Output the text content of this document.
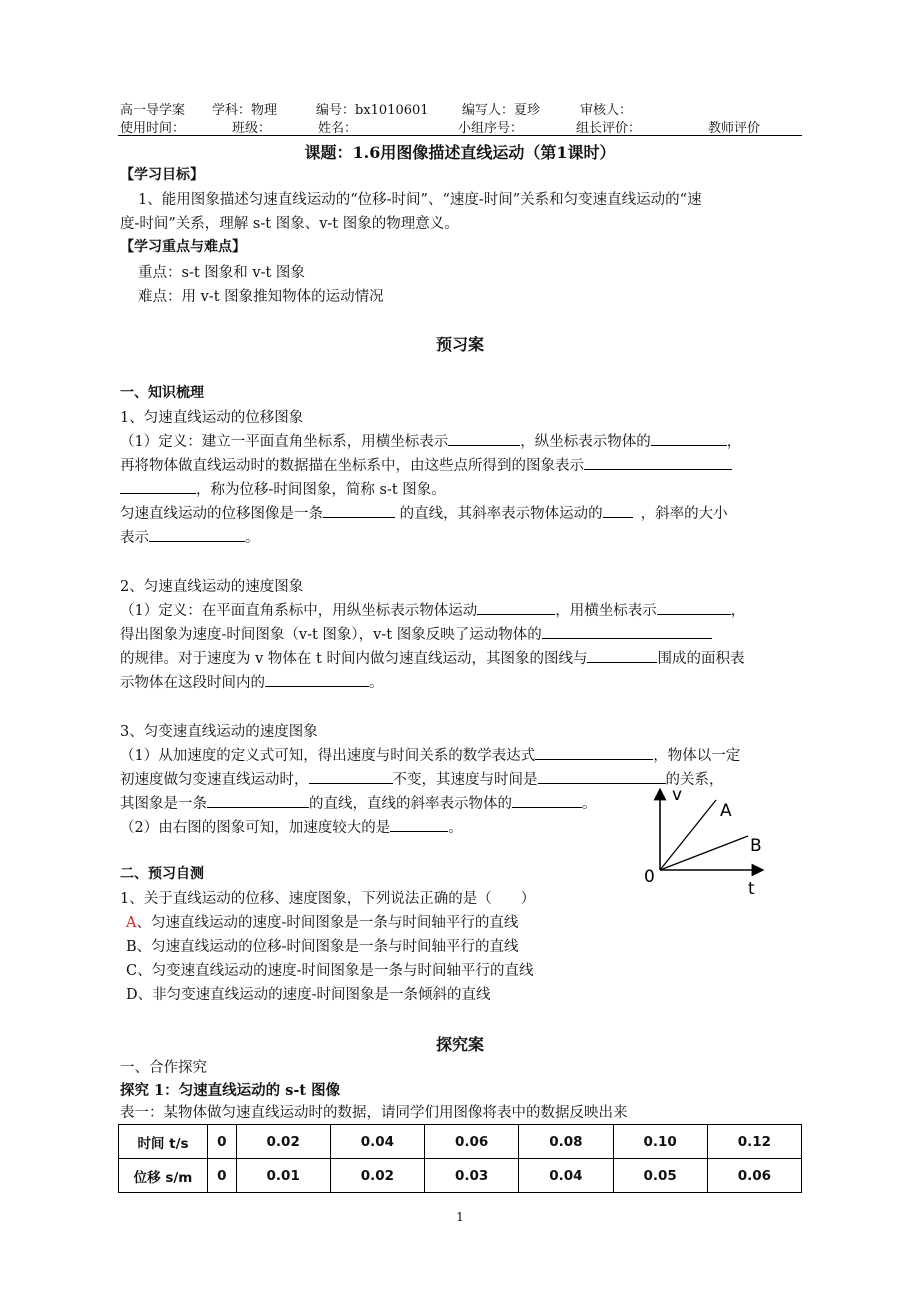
高一导学案 学科：物理	编号：bx1010601	编写人：夏珍	审核人：
使用时间：	班级：	姓名：	小组序号：	组长评价：	教师评价
课题：1.6用图像描述直线运动（第1课时）
【学习目标】
1、能用图象描述匀速直线运动的“位移-时间”、“速度-时间”关系和匀变速直线运动的“速
度-时间”关系，理解 s-t 图象、v-t 图象的物理意义。
【学习重点与难点】
重点：s-t 图象和 v-t 图象
难点：用 v-t 图象推知物体的运动情况
预习案
一、知识梳理
1、匀速直线运动的位移图象
（1）定义：建立一平面直角坐标系，用横坐标表示	，纵坐标表示物体的	，
再将物体做直线运动时的数据描在坐标系中，由这些点所得到的图象表示
，称为位移-时间图象，简称 s-t 图象。
匀速直线运动的位移图像是一条	的直线，其斜率表示物体运动的	，斜率的大小
表示	。
2、匀速直线运动的速度图象
（1）定义：在平面直角系标中，用纵坐标表示物体运动	，用横坐标表示	，
得出图象为速度-时间图象（v-t 图象），v-t 图象反映了运动物体的
的规律。对于速度为 v 物体在 t 时间内做匀速直线运动，其图象的图线与	围成的面积表
示物体在这段时间内的	。
3、匀变速直线运动的速度图象
（1）从加速度的定义式可知，得出速度与时间关系的数学表达式	，物体以一定
初速度做匀变速直线运动时，	不变，其速度与时间是	的关系，
其图象是一条	的直线，直线的斜率表示物体的	。
（2）由右图的图象可知，加速度较大的是	。
v
t
0
A
B
二、预习自测
1、关于直线运动的位移、速度图象，下列说法正确的是（　　）
A、匀速直线运动的速度-时间图象是一条与时间轴平行的直线
B、匀速直线运动的位移-时间图象是一条与时间轴平行的直线
C、匀变速直线运动的速度-时间图象是一条与时间轴平行的直线
D、非匀变速直线运动的速度-时间图象是一条倾斜的直线
探究案
一、合作探究
探究 1：匀速直线运动的 s-t 图像
表一：某物体做匀速直线运动时的数据，请同学们用图像将表中的数据反映出来
时间 t/s	0	0.02	0.04	0.06	0.08	0.10	0.12
位移 s/m	0	0.01	0.02	0.03	0.04	0.05	0.06
1
